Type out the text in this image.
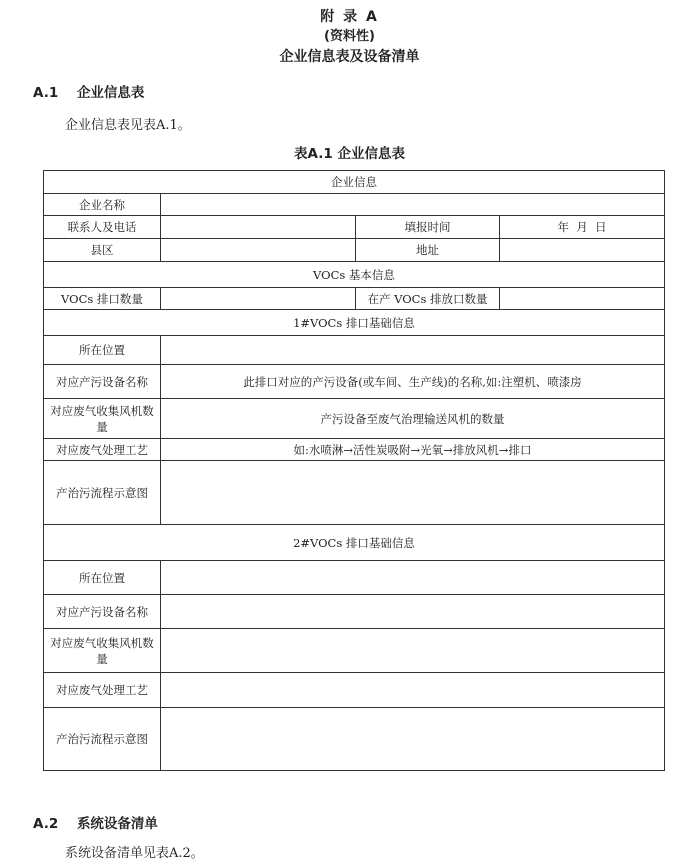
附 录 A
(资料性)
企业信息表及设备清单
A.1 企业信息表
企业信息表见表A.1。
表A.1 企业信息表
企业信息			
企业名称			
联系人及电话		填报时间	年  月  日
县区		地址	
VOCs 基本信息			
VOCs 排口数量		在产 VOCs 排放口数量	
1#VOCs 排口基础信息			
所在位置			
对应产污设备名称	此排口对应的产污设备(或车间、生产线)的名称,如:注塑机、喷漆房		
对应废气收集风机数量	产污设备至废气治理输送风机的数量		
对应废气处理工艺	如:水喷淋→活性炭吸附→光氧→排放风机→排口		
产治污流程示意图			
2#VOCs 排口基础信息			
所在位置			
对应产污设备名称			
对应废气收集风机数量			
对应废气处理工艺			
产治污流程示意图			
A.2 系统设备清单
系统设备清单见表A.2。
